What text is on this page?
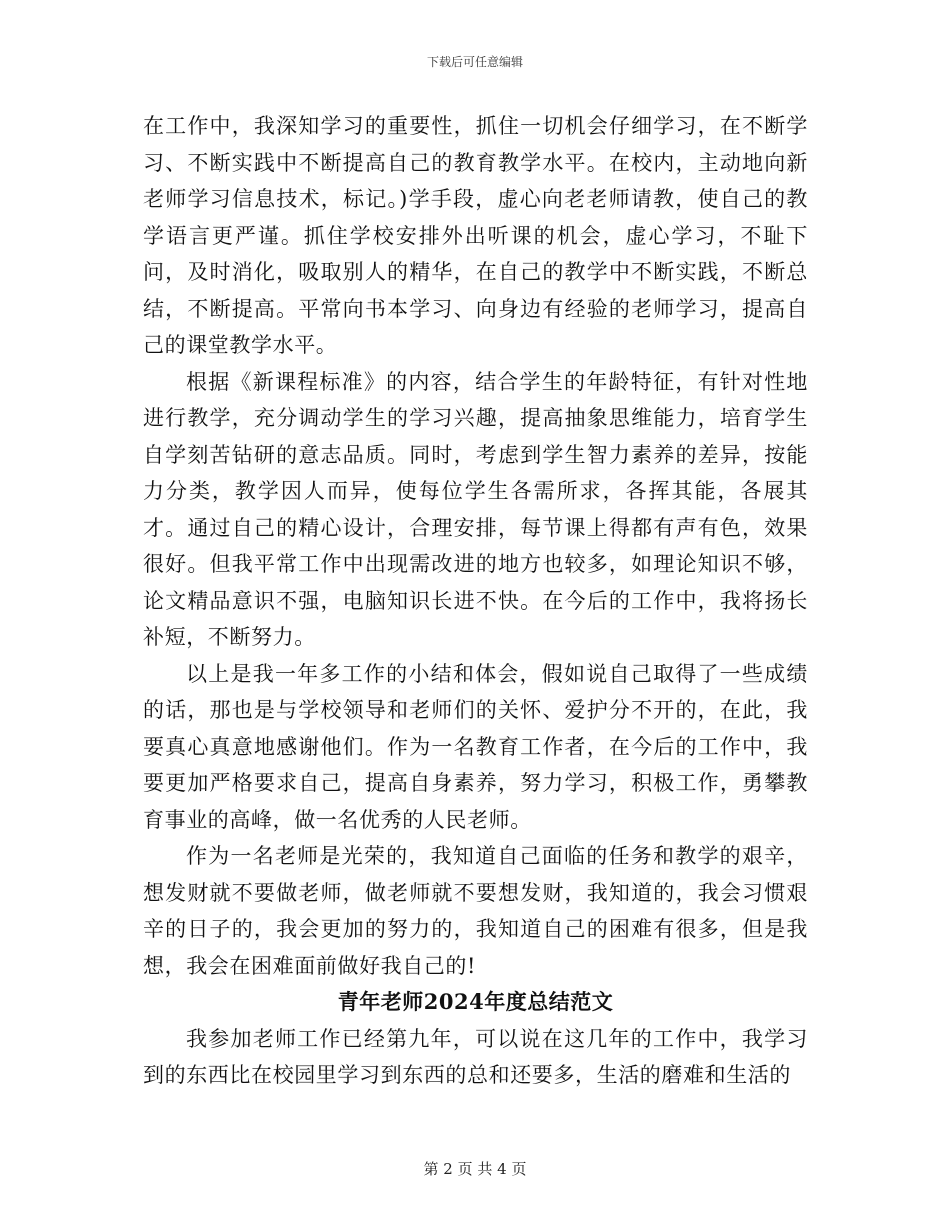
下载后可任意编辑

在工作中，我深知学习的重要性，抓住一切机会仔细学习，在不断学习、不断实践中不断提高自己的教育教学水平。在校内，主动地向新老师学习信息技术，标记。)学手段，虚心向老老师请教，使自己的教学语言更严谨。抓住学校安排外出听课的机会，虚心学习，不耻下问，及时消化，吸取别人的精华，在自己的教学中不断实践，不断总结，不断提高。平常向书本学习、向身边有经验的老师学习，提高自己的课堂教学水平。

根据《新课程标准》的内容，结合学生的年龄特征，有针对性地进行教学，充分调动学生的学习兴趣，提高抽象思维能力，培育学生自学刻苦钻研的意志品质。同时，考虑到学生智力素养的差异，按能力分类，教学因人而异，使每位学生各需所求，各挥其能，各展其才。通过自己的精心设计，合理安排，每节课上得都有声有色，效果很好。但我平常工作中出现需改进的地方也较多，如理论知识不够，论文精品意识不强，电脑知识长进不快。在今后的工作中，我将扬长补短，不断努力。

以上是我一年多工作的小结和体会，假如说自己取得了一些成绩的话，那也是与学校领导和老师们的关怀、爱护分不开的，在此，我要真心真意地感谢他们。作为一名教育工作者，在今后的工作中，我要更加严格要求自己，提高自身素养，努力学习，积极工作，勇攀教育事业的高峰，做一名优秀的人民老师。

作为一名老师是光荣的，我知道自己面临的任务和教学的艰辛，想发财就不要做老师，做老师就不要想发财，我知道的，我会习惯艰辛的日子的，我会更加的努力的，我知道自己的困难有很多，但是我想，我会在困难面前做好我自己的!

青年老师2024年度总结范文

我参加老师工作已经第九年，可以说在这几年的工作中，我学习到的东西比在校园里学习到东西的总和还要多，生活的磨难和生活的

第 2 页 共 4 页
